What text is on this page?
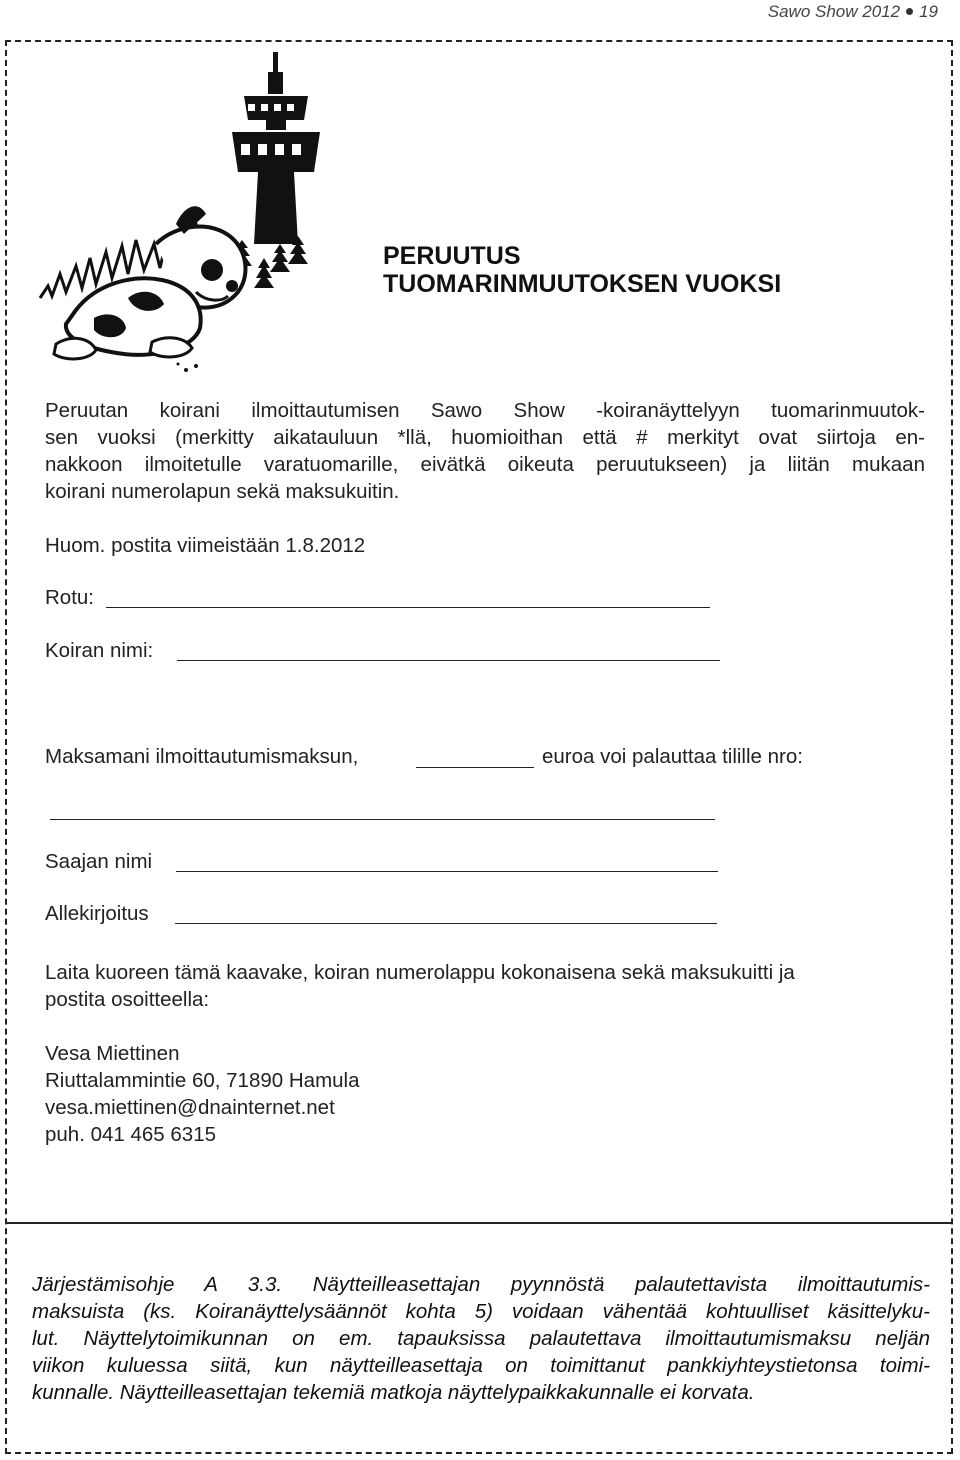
Sawo Show 2012 19
PERUUTUS
TUOMARINMUUTOKSEN VUOKSI
Peruutan koirani ilmoittautumisen Sawo Show -koiranäyttelyyn tuomarinmuutok-
sen vuoksi (merkitty aikatauluun *llä, huomioithan että # merkityt ovat siirtoja en-
nakkoon ilmoitetulle varatuomarille, eivätkä oikeuta peruutukseen) ja liitän mukaan
koirani numerolapun sekä maksukuitin.
Huom. postita viimeistään 1.8.2012
Rotu:
Koiran nimi:
Maksamani ilmoittautumismaksun,	euroa voi palauttaa tilille nro:
Saajan nimi
Allekirjoitus
Laita kuoreen tämä kaavake, koiran numerolappu kokonaisena sekä maksukuitti ja
postita osoitteella:
Vesa Miettinen
Riuttalammintie 60, 71890 Hamula
vesa.miettinen@dnainternet.net
puh. 041 465 6315
Järjestämisohje A 3.3. Näytteilleasettajan pyynnöstä palautettavista ilmoittautumis-
maksuista (ks. Koiranäyttelysäännöt kohta 5) voidaan vähentää kohtuulliset käsittelyku-
lut. Näyttelytoimikunnan on em. tapauksissa palautettava ilmoittautumismaksu neljän
viikon kuluessa siitä, kun näytteilleasettaja on toimittanut pankkiyhteystietonsa toimi-
kunnalle. Näytteilleasettajan tekemiä matkoja näyttelypaikkakunnalle ei korvata.
